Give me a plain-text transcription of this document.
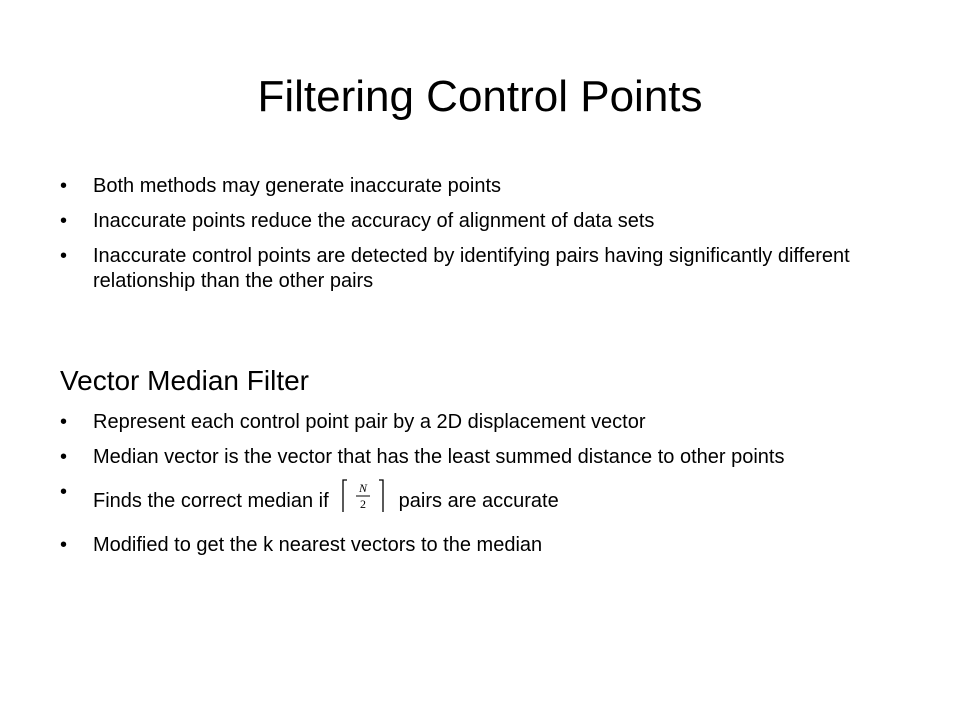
Filtering Control Points
• Both methods may generate inaccurate points
• Inaccurate points reduce the accuracy of alignment of data sets
• Inaccurate control points are detected by identifying pairs having significantly different relationship than the other pairs
Vector Median Filter
• Represent each control point pair by a 2D displacement vector
• Median vector is the vector that has the least summed distance to other points
• Finds the correct median if
N
2 pairs are accurate
• Modified to get the k nearest vectors to the median
